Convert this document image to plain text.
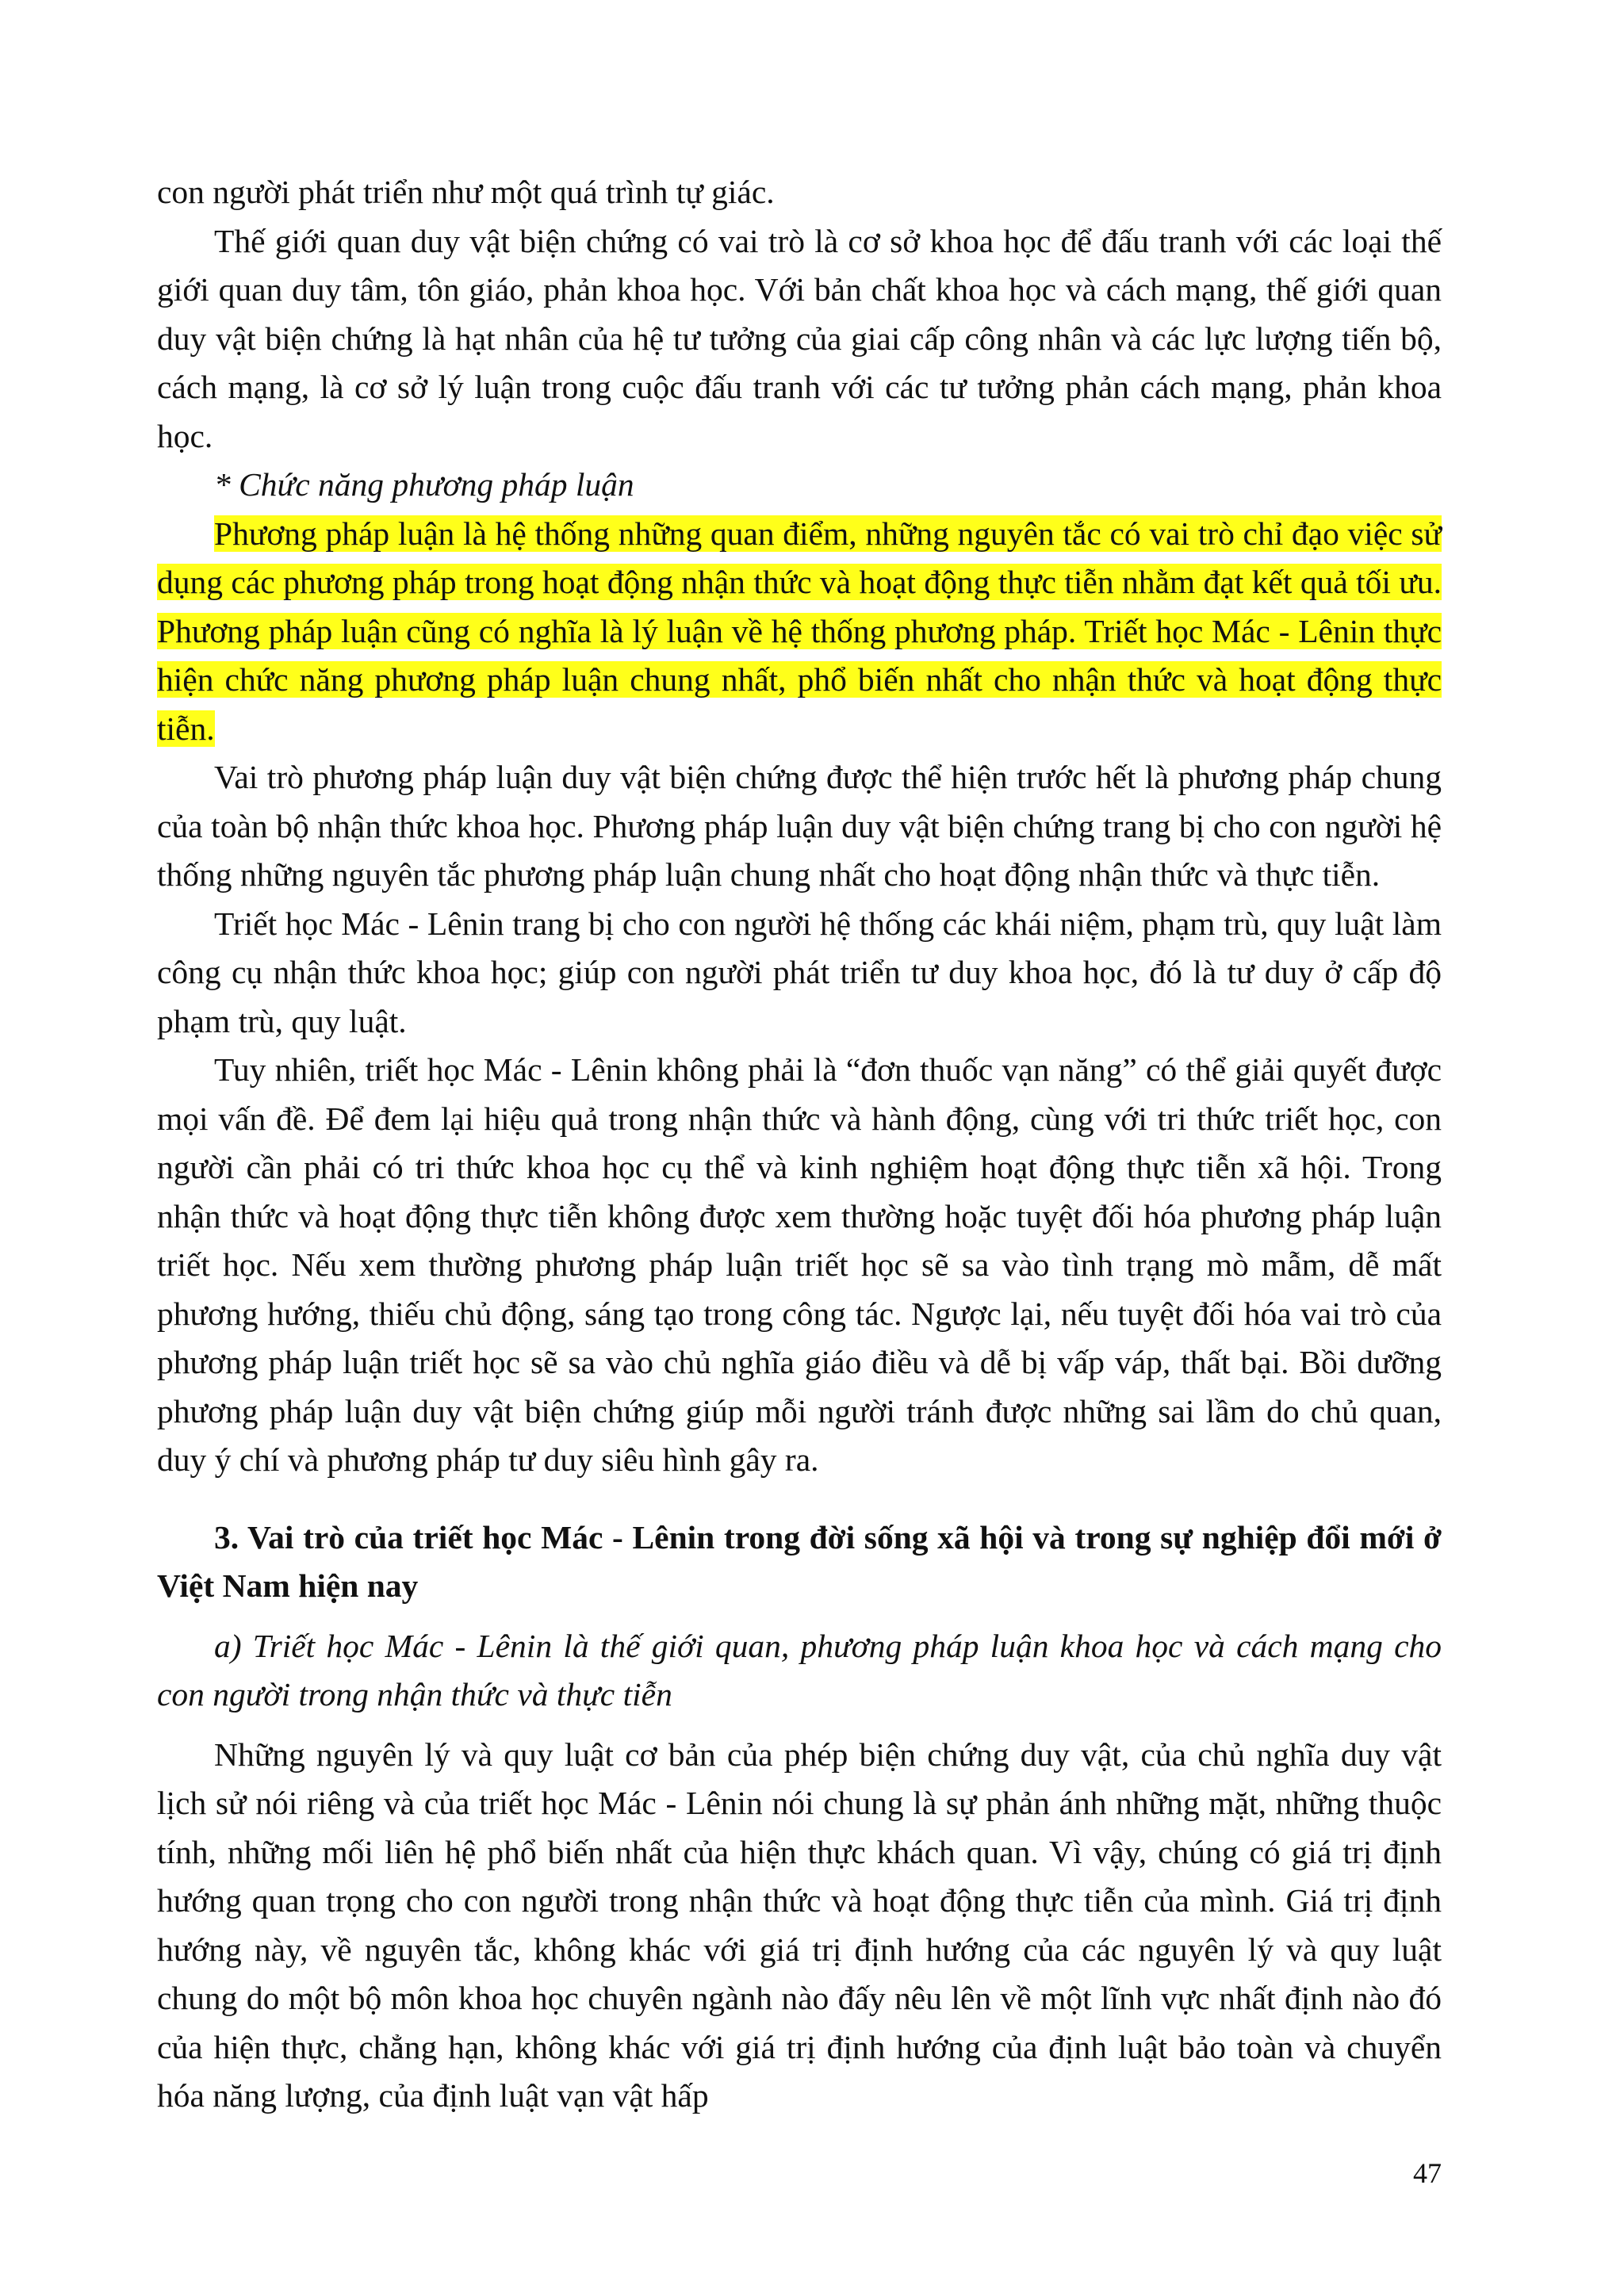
con người phát triển như một quá trình tự giác.

Thế giới quan duy vật biện chứng có vai trò là cơ sở khoa học để đấu tranh với các loại thế giới quan duy tâm, tôn giáo, phản khoa học. Với bản chất khoa học và cách mạng, thế giới quan duy vật biện chứng là hạt nhân của hệ tư tưởng của giai cấp công nhân và các lực lượng tiến bộ, cách mạng, là cơ sở lý luận trong cuộc đấu tranh với các tư tưởng phản cách mạng, phản khoa học.

* Chức năng phương pháp luận

Phương pháp luận là hệ thống những quan điểm, những nguyên tắc có vai trò chỉ đạo việc sử dụng các phương pháp trong hoạt động nhận thức và hoạt động thực tiễn nhằm đạt kết quả tối ưu. Phương pháp luận cũng có nghĩa là lý luận về hệ thống phương pháp. Triết học Mác - Lênin thực hiện chức năng phương pháp luận chung nhất, phổ biến nhất cho nhận thức và hoạt động thực tiễn.

Vai trò phương pháp luận duy vật biện chứng được thể hiện trước hết là phương pháp chung của toàn bộ nhận thức khoa học. Phương pháp luận duy vật biện chứng trang bị cho con người hệ thống những nguyên tắc phương pháp luận chung nhất cho hoạt động nhận thức và thực tiễn.

Triết học Mác - Lênin trang bị cho con người hệ thống các khái niệm, phạm trù, quy luật làm công cụ nhận thức khoa học; giúp con người phát triển tư duy khoa học, đó là tư duy ở cấp độ phạm trù, quy luật.

Tuy nhiên, triết học Mác - Lênin không phải là “đơn thuốc vạn năng” có thể giải quyết được mọi vấn đề. Để đem lại hiệu quả trong nhận thức và hành động, cùng với tri thức triết học, con người cần phải có tri thức khoa học cụ thể và kinh nghiệm hoạt động thực tiễn xã hội. Trong nhận thức và hoạt động thực tiễn không được xem thường hoặc tuyệt đối hóa phương pháp luận triết học. Nếu xem thường phương pháp luận triết học sẽ sa vào tình trạng mò mẫm, dễ mất phương hướng, thiếu chủ động, sáng tạo trong công tác. Ngược lại, nếu tuyệt đối hóa vai trò của phương pháp luận triết học sẽ sa vào chủ nghĩa giáo điều và dễ bị vấp váp, thất bại. Bồi dưỡng phương pháp luận duy vật biện chứng giúp mỗi người tránh được những sai lầm do chủ quan, duy ý chí và phương pháp tư duy siêu hình gây ra.

3. Vai trò của triết học Mác - Lênin trong đời sống xã hội và trong sự nghiệp đổi mới ở Việt Nam hiện nay

a) Triết học Mác - Lênin là thế giới quan, phương pháp luận khoa học và cách mạng cho con người trong nhận thức và thực tiễn

Những nguyên lý và quy luật cơ bản của phép biện chứng duy vật, của chủ nghĩa duy vật lịch sử nói riêng và của triết học Mác - Lênin nói chung là sự phản ánh những mặt, những thuộc tính, những mối liên hệ phổ biến nhất của hiện thực khách quan. Vì vậy, chúng có giá trị định hướng quan trọng cho con người trong nhận thức và hoạt động thực tiễn của mình. Giá trị định hướng này, về nguyên tắc, không khác với giá trị định hướng của các nguyên lý và quy luật chung do một bộ môn khoa học chuyên ngành nào đấy nêu lên về một lĩnh vực nhất định nào đó của hiện thực, chẳng hạn, không khác với giá trị định hướng của định luật bảo toàn và chuyển hóa năng lượng, của định luật vạn vật hấp

47
